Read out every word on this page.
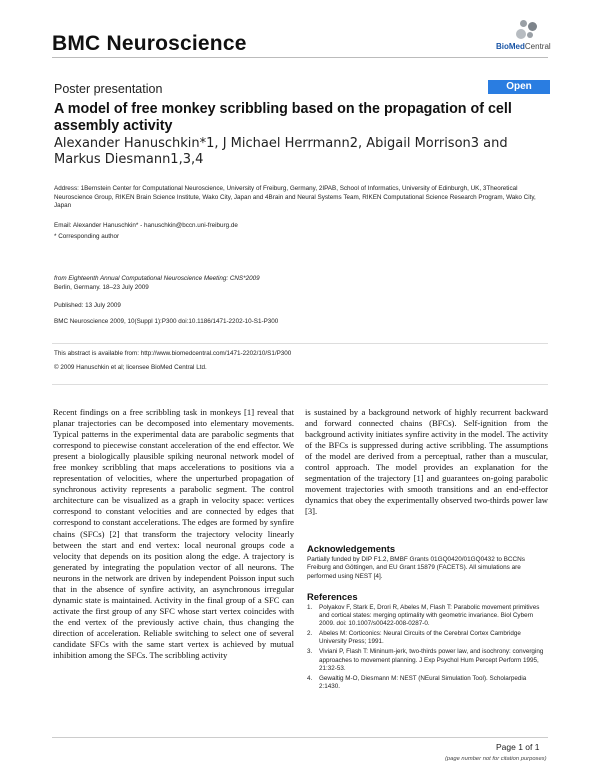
BMC Neuroscience	BioMedCentral
Poster presentation	Open Access
A model of free monkey scribbling based on the propagation of cell assembly activity
Alexander Hanuschkin*1, J Michael Herrmann2, Abigail Morrison3 and Markus Diesmann1,3,4
Address: 1Bernstein Center for Computational Neuroscience, University of Freiburg, Germany, 2IPAB, School of Informatics, University of Edinburgh, UK, 3Theoretical Neuroscience Group, RIKEN Brain Science Institute, Wako City, Japan and 4Brain and Neural Systems Team, RIKEN Computational Science Research Program, Wako City, Japan
Email: Alexander Hanuschkin* - hanuschkin@bccn.uni-freiburg.de
* Corresponding author
from Eighteenth Annual Computational Neuroscience Meeting: CNS*2009
Berlin, Germany. 18–23 July 2009
Published: 13 July 2009
BMC Neuroscience 2009, 10(Suppl 1):P300 doi:10.1186/1471-2202-10-S1-P300
This abstract is available from: http://www.biomedcentral.com/1471-2202/10/S1/P300
© 2009 Hanuschkin et al; licensee BioMed Central Ltd.
Recent findings on a free scribbling task in monkeys [1] reveal that planar trajectories can be decomposed into elementary movements. Typical patterns in the experimental data are parabolic segments that correspond to piecewise constant acceleration of the end effector. We present a biologically plausible spiking neuronal network model of free monkey scribbling that maps accelerations to positions via a representation of velocities, where the unperturbed propagation of synchronous activity represents a parabolic segment. The control architecture can be visualized as a graph in velocity space: vertices correspond to constant velocities and are connected by edges that correspond to constant accelerations. The edges are formed by synfire chains (SFCs) [2] that transform the trajectory velocity linearly between the start and end vertex: local neuronal groups code a velocity that depends on its position along the edge. A trajectory is generated by integrating the population vector of all neurons. The neurons in the network are driven by independent Poisson input such that in the absence of synfire activity, an asynchronous irregular dynamic state is maintained. Activity in the final group of a SFC can activate the first group of any SFC whose start vertex coincides with the end vertex of the previously active chain, thus changing the direction of acceleration. Reliable switching to select one of several candidate SFCs with the same start vertex is achieved by mutual inhibition among the SFCs. The scribbling activity
is sustained by a background network of highly recurrent backward and forward connected chains (BFCs). Self-ignition from the background activity initiates synfire activity in the model. The activity of the BFCs is suppressed during active scribbling. The assumptions of the model are derived from a perceptual, rather than a muscular, control approach. The model provides an explanation for the segmentation of the trajectory [1] and guarantees on-going parabolic movement trajectories with smooth transitions and an end-effector dynamics that obey the experimentally observed two-thirds power law [3].
Acknowledgements
Partially funded by DIP F1.2, BMBF Grants 01GQ0420/01GQ0432 to BCCNs Freiburg and Göttingen, and EU Grant 15879 (FACETS). All simulations are performed using NEST [4].
References
1.	Polyakov F, Stark E, Drori R, Abeles M, Flash T: Parabolic movement primitives and cortical states: merging optimality with geometric invariance. Biol Cybern 2009. doi: 10.1007/s00422-008-0287-0.
2.	Abeles M: Corticonics: Neural Circuits of the Cerebral Cortex Cambridge University Press; 1991.
3.	Viviani P, Flash T: Mininum-jerk, two-thirds power law, and isochrony: converging approaches to movement planning. J Exp Psychol Hum Percept Perform 1995, 21:32-53.
4.	Gewaltig M-O, Diesmann M: NEST (NEural Simulation Tool). Scholarpedia 2:1430.
Page 1 of 1
(page number not for citation purposes)
